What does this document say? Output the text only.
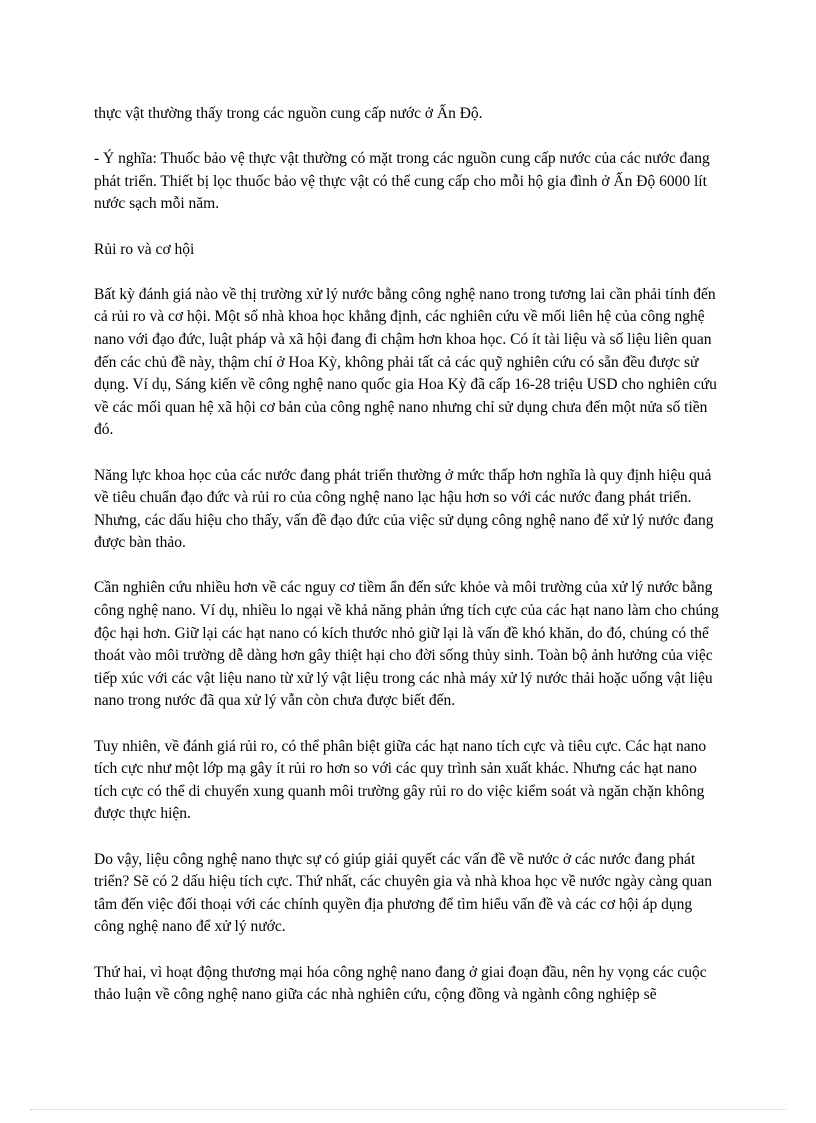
thực vật thường thấy trong các nguồn cung cấp nước ở Ấn Độ.

- Ý nghĩa: Thuốc bảo vệ thực vật thường có mặt trong các nguồn cung cấp nước của các nước đang phát triển. Thiết bị lọc thuốc bảo vệ thực vật có thể cung cấp cho mỗi hộ gia đình ở Ấn Độ 6000 lít nước sạch mỗi năm.

Rủi ro và cơ hội

Bất kỳ đánh giá nào về thị trường xử lý nước bằng công nghệ nano trong tương lai cần phải tính đến cả rủi ro và cơ hội. Một số nhà khoa học khẳng định, các nghiên cứu về mối liên hệ của công nghệ nano với đạo đức, luật pháp và xã hội đang đi chậm hơn khoa học. Có ít tài liệu và số liệu liên quan đến các chủ đề này, thậm chí ở Hoa Kỳ, không phải tất cả các quỹ nghiên cứu có sẵn đều được sử dụng. Ví dụ, Sáng kiến về công nghệ nano quốc gia Hoa Kỳ đã cấp 16-28 triệu USD cho nghiên cứu về các mối quan hệ xã hội cơ bản của công nghệ nano nhưng chỉ sử dụng chưa đến một nửa số tiền đó.

Năng lực khoa học của các nước đang phát triển thường ở mức thấp hơn nghĩa là quy định hiệu quả về tiêu chuẩn đạo đức và rủi ro của công nghệ nano lạc hậu hơn so với các nước đang phát triển. Nhưng, các dấu hiệu cho thấy, vấn đề đạo đức của việc sử dụng công nghệ nano để xử lý nước đang được bàn thảo.

Cần nghiên cứu nhiều hơn về các nguy cơ tiềm ẩn đến sức khỏe và môi trường của xử lý nước bằng công nghệ nano. Ví dụ, nhiều lo ngại về khả năng phản ứng tích cực của các hạt nano làm cho chúng độc hại hơn. Giữ lại các hạt nano có kích thước nhỏ giữ lại là vấn đề khó khăn, do đó, chúng có thể thoát vào môi trường dễ dàng hơn gây thiệt hại cho đời sống thủy sinh. Toàn bộ ảnh hưởng của việc tiếp xúc với các vật liệu nano từ xử lý vật liệu trong các nhà máy xử lý nước thải hoặc uống vật liệu nano trong nước đã qua xử lý vẫn còn chưa được biết đến.

Tuy nhiên, về đánh giá rủi ro, có thể phân biệt giữa các hạt nano tích cực và tiêu cực. Các hạt nano tích cực như một lớp mạ gây ít rủi ro hơn so với các quy trình sản xuất khác. Nhưng các hạt nano tích cực có thể di chuyển xung quanh môi trường gây rủi ro do việc kiểm soát và ngăn chặn không được thực hiện.

Do vậy, liệu công nghệ nano thực sự có giúp giải quyết các vấn đề về nước ở các nước đang phát triển? Sẽ có 2 dấu hiệu tích cực. Thứ nhất, các chuyên gia và nhà khoa học về nước ngày càng quan tâm đến việc đối thoại với các chính quyền địa phương để tìm hiểu vấn đề và các cơ hội áp dụng công nghệ nano để xử lý nước.

Thứ hai, vì hoạt động thương mại hóa công nghệ nano đang ở giai đoạn đầu, nên hy vọng các cuộc thảo luận về công nghệ nano giữa các nhà nghiên cứu, cộng đồng và ngành công nghiệp sẽ
